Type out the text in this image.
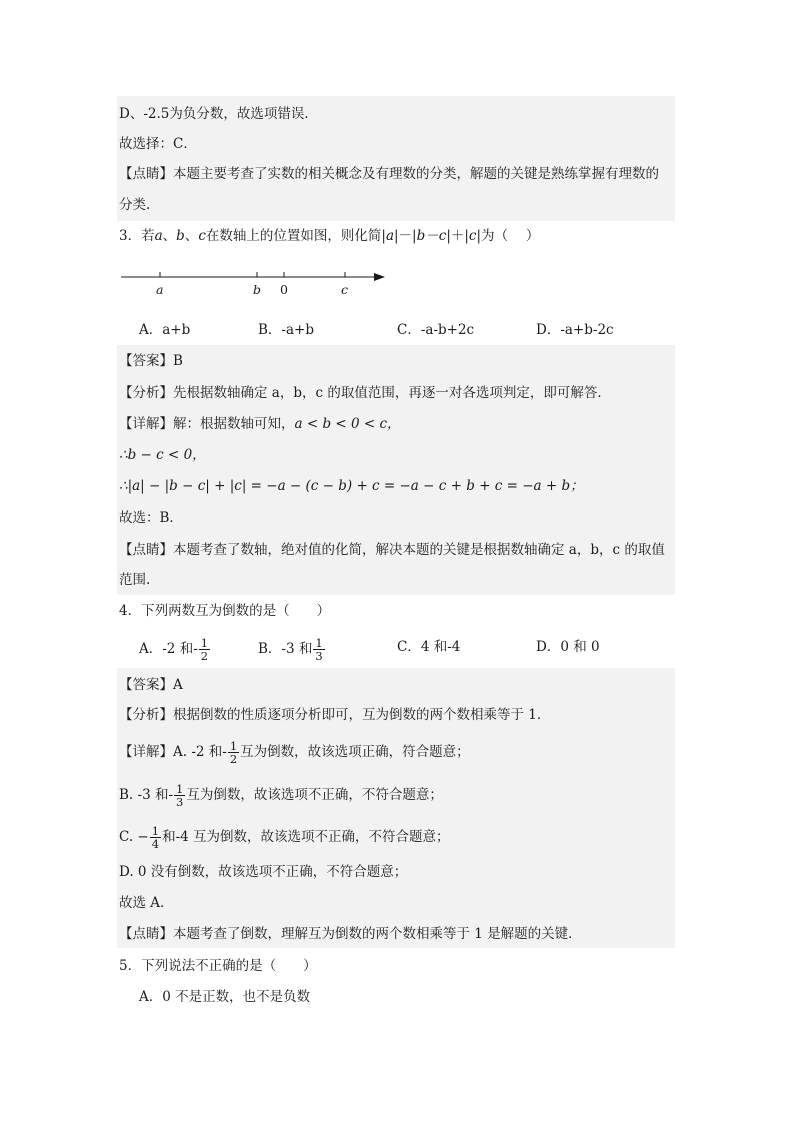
D、-2.5为负分数，故选项错误．
故选择：C．
【点睛】本题主要考查了实数的相关概念及有理数的分类，解题的关键是熟练掌握有理数的
分类.
3．若a、b、c在数轴上的位置如图，则化简|a|－|b－c|＋|c|为（　 ）
a	b 0	c
A．a+b	B．-a+b	C．-a-b+2c	D．-a+b-2c
【答案】B
【分析】先根据数轴确定 a，b，c 的取值范围，再逐一对各选项判定，即可解答．
【详解】解：根据数轴可知，a < b < 0 < c，
∴b − c < 0，
∴|a| − |b − c| + |c| = −a − (c − b) + c = −a − c + b + c = −a + b；
故选：B．
【点睛】本题考查了数轴，绝对值的化简，解决本题的关键是根据数轴确定 a，b，c 的取值
范围.
4．下列两数互为倒数的是（　　）
A．-2 和- $\frac{1}{2}$	B．-3 和 $\frac{1}{3}$	C．4 和-4	D．0 和 0
【答案】A
【分析】根据倒数的性质逐项分析即可，互为倒数的两个数相乘等于 1．
【详解】A. -2 和- $\frac{1}{2}$ 互为倒数，故该选项正确，符合题意；
B. -3 和- $\frac{1}{3}$ 互为倒数，故该选项不正确，不符合题意；
C. − $\frac{1}{4}$ 和-4 互为倒数，故该选项不正确，不符合题意；
D. 0 没有倒数，故该选项不正确，不符合题意；
故选 A．
【点睛】本题考查了倒数，理解互为倒数的两个数相乘等于 1 是解题的关键．
5．下列说法不正确的是（　　）
A．0 不是正数，也不是负数
